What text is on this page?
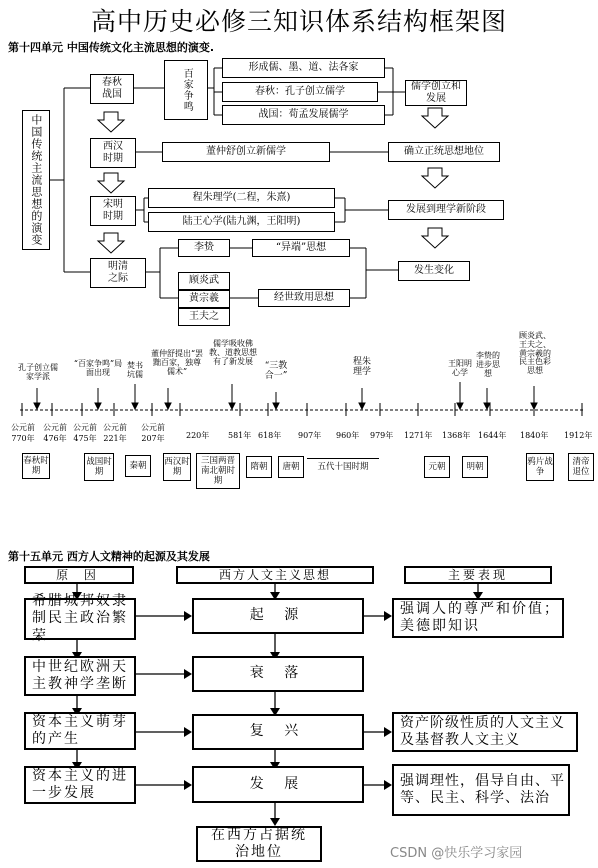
高中历史必修三知识体系结构框架图
第十四单元 中国传统文化主流思想的演变.
中国传统主流思想的演变
春秋战国
西汉时期
宋明时期
明清之际
百家争鸣
形成儒、墨、道、法各家
春秋：孔子创立儒学
战国：荀孟发展儒学
儒学创立和发展
董仲舒创立新儒学	确立正统思想地位
程朱理学(二程，朱熹)
陆王心学(陆九渊，王阳明)
发展到理学新阶段
李贽	“异端”思想
顾炎武
黄宗羲
王夫之
经世致用思想
发生变化
孔子创立儒家学派
“百家争鸣”局面出现
焚书坑儒
董仲舒提出“罢黜百家，独尊儒术”
儒学吸收佛教、道教思想有了新发展	“三教合一”
程朱理学
王阳明心学
李贽的进步思想
顾炎武、王夫之、黄宗羲的民主色彩思想
公元前770年
公元前476年
公元前475年
公元前221年
公元前207年	220年 581年 618年 907年 960年 979年 1271年 1368年 1644年 1840年 1912年
春秋时期
战国时期
秦朝 西汉时期
三国两晋南北朝时期
隋朝 唐朝 五代十国时期	元朝 明朝
鸦片战争
清帝退位
第十五单元 西方人文精神的起源及其发展
原 因	西方人文主义思想	主要表现
希腊城邦奴隶制民主政治繁荣
中世纪欧洲天主教神学垄断
资本主义萌芽的产生
资本主义的进一步发展
起 源
衰 落
复 兴
发 展
在西方占据统治地位
强调人的尊严和价值；美德即知识
资产阶级性质的人文主义及基督教人文主义
强调理性，倡导自由、平等、民主、科学、法治
CSDN @快乐学习家园
